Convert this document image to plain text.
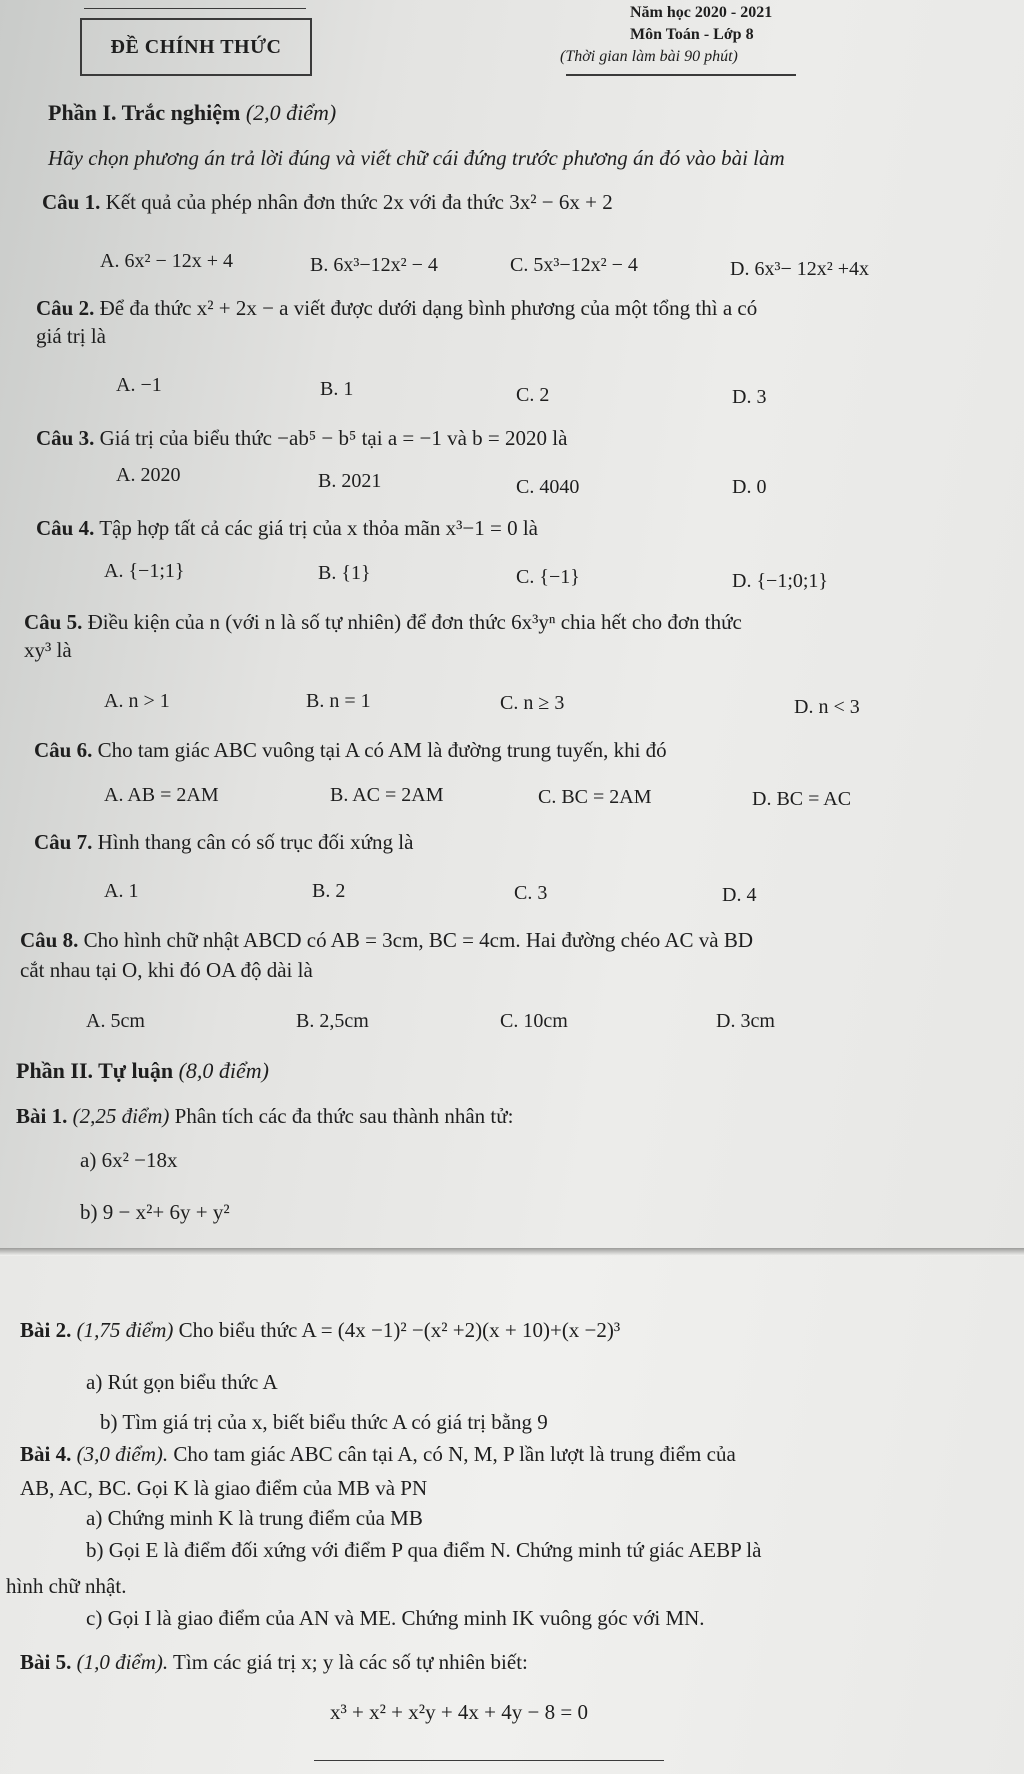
ĐỀ CHÍNH THỨC
Năm học 2020 - 2021
Môn Toán - Lớp 8
(Thời gian làm bài 90 phút)
Phần I. Trắc nghiệm (2,0 điểm)
Hãy chọn phương án trả lời đúng và viết chữ cái đứng trước phương án đó vào bài làm
Câu 1. Kết quả của phép nhân đơn thức 2x với đa thức 3x² − 6x + 2
A. 6x² − 12x + 4	B. 6x³−12x² − 4	C. 5x³−12x² − 4	D. 6x³− 12x² +4x
Câu 2. Để đa thức x² + 2x − a viết được dưới dạng bình phương của một tổng thì a có
giá trị là
A. −1	B. 1	C. 2	D. 3
Câu 3. Giá trị của biểu thức −ab⁵ − b⁵ tại a = −1 và b = 2020 là
A. 2020	B. 2021	C. 4040	D. 0
Câu 4. Tập hợp tất cả các giá trị của x thỏa mãn x³−1 = 0 là
A. {−1;1}	B. {1}	C. {−1}	D. {−1;0;1}
Câu 5. Điều kiện của n (với n là số tự nhiên) để đơn thức 6x³yⁿ chia hết cho đơn thức
xy³ là
A. n > 1	B. n = 1	C. n ≥ 3	D. n < 3
Câu 6. Cho tam giác ABC vuông tại A có AM là đường trung tuyến, khi đó
A. AB = 2AM	B. AC = 2AM	C. BC = 2AM	D. BC = AC
Câu 7. Hình thang cân có số trục đối xứng là
A. 1	B. 2	C. 3	D. 4
Câu 8. Cho hình chữ nhật ABCD có AB = 3cm, BC = 4cm. Hai đường chéo AC và BD
cắt nhau tại O, khi đó OA độ dài là
A. 5cm	B. 2,5cm	C. 10cm	D. 3cm
Phần II. Tự luận (8,0 điểm)
Bài 1. (2,25 điểm) Phân tích các đa thức sau thành nhân tử:
a) 6x² −18x
b) 9 − x²+ 6y + y²
Bài 2. (1,75 điểm) Cho biểu thức A = (4x −1)² −(x² +2)(x + 10)+(x −2)³
a) Rút gọn biểu thức A
b) Tìm giá trị của x, biết biểu thức A có giá trị bằng 9
Bài 4. (3,0 điểm). Cho tam giác ABC cân tại A, có N, M, P lần lượt là trung điểm của
AB, AC, BC. Gọi K là giao điểm của MB và PN
a) Chứng minh K là trung điểm của MB
b) Gọi E là điểm đối xứng với điểm P qua điểm N. Chứng minh tứ giác AEBP là
hình chữ nhật.
c) Gọi I là giao điểm của AN và ME. Chứng minh IK vuông góc với MN.
Bài 5. (1,0 điểm). Tìm các giá trị x; y là các số tự nhiên biết:
x³ + x² + x²y + 4x + 4y − 8 = 0
